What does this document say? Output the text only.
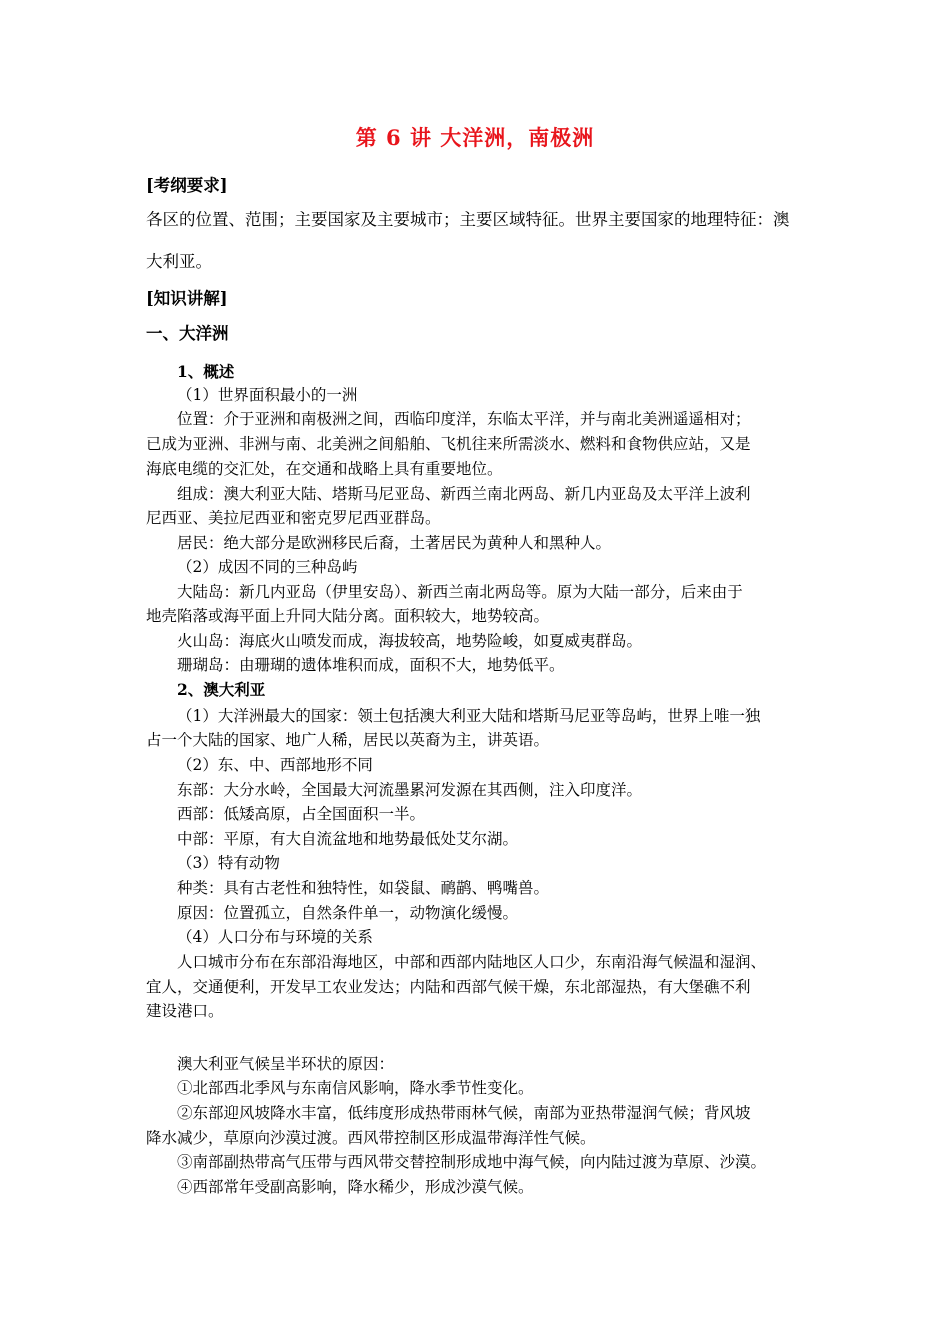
第 6 讲 大洋洲，南极洲
[考纲要求]
各区的位置、范围；主要国家及主要城市；主要区域特征。世界主要国家的地理特征：澳
大利亚。
[知识讲解]
一、大洋洲
1、概述
（1）世界面积最小的一洲
位置：介于亚洲和南极洲之间，西临印度洋，东临太平洋，并与南北美洲遥遥相对；
已成为亚洲、非洲与南、北美洲之间船舶、飞机往来所需淡水、燃料和食物供应站，又是
海底电缆的交汇处，在交通和战略上具有重要地位。
组成：澳大利亚大陆、塔斯马尼亚岛、新西兰南北两岛、新几内亚岛及太平洋上波利
尼西亚、美拉尼西亚和密克罗尼西亚群岛。
居民：绝大部分是欧洲移民后裔，土著居民为黄种人和黑种人。
（2）成因不同的三种岛屿
大陆岛：新几内亚岛（伊里安岛）、新西兰南北两岛等。原为大陆一部分，后来由于
地壳陷落或海平面上升同大陆分离。面积较大，地势较高。
火山岛：海底火山喷发而成，海拔较高，地势险峻，如夏威夷群岛。
珊瑚岛：由珊瑚的遗体堆积而成，面积不大，地势低平。
2、澳大利亚
（1）大洋洲最大的国家：领土包括澳大利亚大陆和塔斯马尼亚等岛屿，世界上唯一独
占一个大陆的国家、地广人稀，居民以英裔为主，讲英语。
（2）东、中、西部地形不同
东部：大分水岭，全国最大河流墨累河发源在其西侧，注入印度洋。
西部：低矮高原，占全国面积一半。
中部：平原，有大自流盆地和地势最低处艾尔湖。
（3）特有动物
种类：具有古老性和独特性，如袋鼠、鸸鹋、鸭嘴兽。
原因：位置孤立，自然条件单一，动物演化缓慢。
（4）人口分布与环境的关系
人口城市分布在东部沿海地区，中部和西部内陆地区人口少，东南沿海气候温和湿润、
宜人，交通便利，开发早工农业发达；内陆和西部气候干燥，东北部湿热，有大堡礁不利
建设港口。
澳大利亚气候呈半环状的原因：
①北部西北季风与东南信风影响，降水季节性变化。
②东部迎风坡降水丰富，低纬度形成热带雨林气候，南部为亚热带湿润气候；背风坡
降水减少，草原向沙漠过渡。西风带控制区形成温带海洋性气候。
③南部副热带高气压带与西风带交替控制形成地中海气候，向内陆过渡为草原、沙漠。
④西部常年受副高影响，降水稀少，形成沙漠气候。
